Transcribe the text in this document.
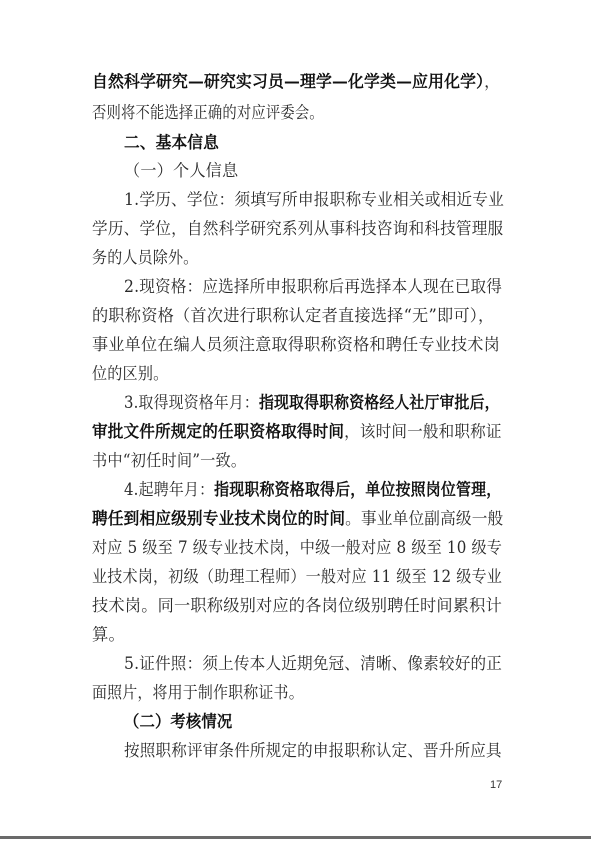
自然科学研究—研究实习员—理学—化学类—应用化学），
否则将不能选择正确的对应评委会。
二、基本信息
（一）个人信息
1.学历、学位：须填写所申报职称专业相关或相近专业
学历、学位，自然科学研究系列从事科技咨询和科技管理服
务的人员除外。
2.现资格：应选择所申报职称后再选择本人现在已取得
的职称资格（首次进行职称认定者直接选择“无”即可），
事业单位在编人员须注意取得职称资格和聘任专业技术岗
位的区别。
3.取得现资格年月：指现取得职称资格经人社厅审批后，
审批文件所规定的任职资格取得时间，该时间一般和职称证
书中“初任时间”一致。
4.起聘年月：指现职称资格取得后，单位按照岗位管理，
聘任到相应级别专业技术岗位的时间。事业单位副高级一般
对应 5 级至 7 级专业技术岗，中级一般对应 8 级至 10 级专
业技术岗，初级（助理工程师）一般对应 11 级至 12 级专业
技术岗。同一职称级别对应的各岗位级别聘任时间累积计
算。
5.证件照：须上传本人近期免冠、清晰、像素较好的正
面照片，将用于制作职称证书。
（二）考核情况
按照职称评审条件所规定的申报职称认定、晋升所应具
17
